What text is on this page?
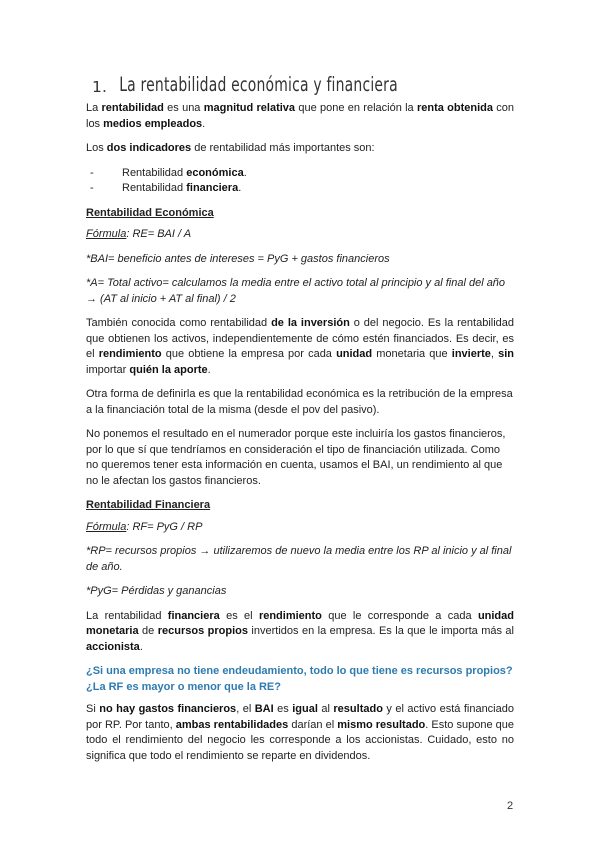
1. La rentabilidad económica y financiera

La rentabilidad es una magnitud relativa que pone en relación la renta obtenida con los medios empleados.

Los dos indicadores de rentabilidad más importantes son:

-	Rentabilidad económica.
-	Rentabilidad financiera.

Rentabilidad Económica

Fórmula: RE= BAI / A

*BAI= beneficio antes de intereses = PyG + gastos financieros

*A= Total activo= calculamos la media entre el activo total al principio y al final del año → (AT al inicio + AT al final) / 2

También conocida como rentabilidad de la inversión o del negocio. Es la rentabilidad que obtienen los activos, independientemente de cómo estén financiados. Es decir, es el rendimiento que obtiene la empresa por cada unidad monetaria que invierte, sin importar quién la aporte.

Otra forma de definirla es que la rentabilidad económica es la retribución de la empresa a la financiación total de la misma (desde el pov del pasivo).

No ponemos el resultado en el numerador porque este incluiría los gastos financieros, por lo que sí que tendríamos en consideración el tipo de financiación utilizada. Como no queremos tener esta información en cuenta, usamos el BAI, un rendimiento al que no le afectan los gastos financieros.

Rentabilidad Financiera

Fórmula: RF= PyG / RP

*RP= recursos propios → utilizaremos de nuevo la media entre los RP al inicio y al final de año.

*PyG= Pérdidas y ganancias

La rentabilidad financiera es el rendimiento que le corresponde a cada unidad monetaria de recursos propios invertidos en la empresa. Es la que le importa más al accionista.

¿Si una empresa no tiene endeudamiento, todo lo que tiene es recursos propios? ¿La RF es mayor o menor que la RE?

Si no hay gastos financieros, el BAI es igual al resultado y el activo está financiado por RP. Por tanto, ambas rentabilidades darían el mismo resultado. Esto supone que todo el rendimiento del negocio les corresponde a los accionistas. Cuidado, esto no significa que todo el rendimiento se reparte en dividendos.

2
